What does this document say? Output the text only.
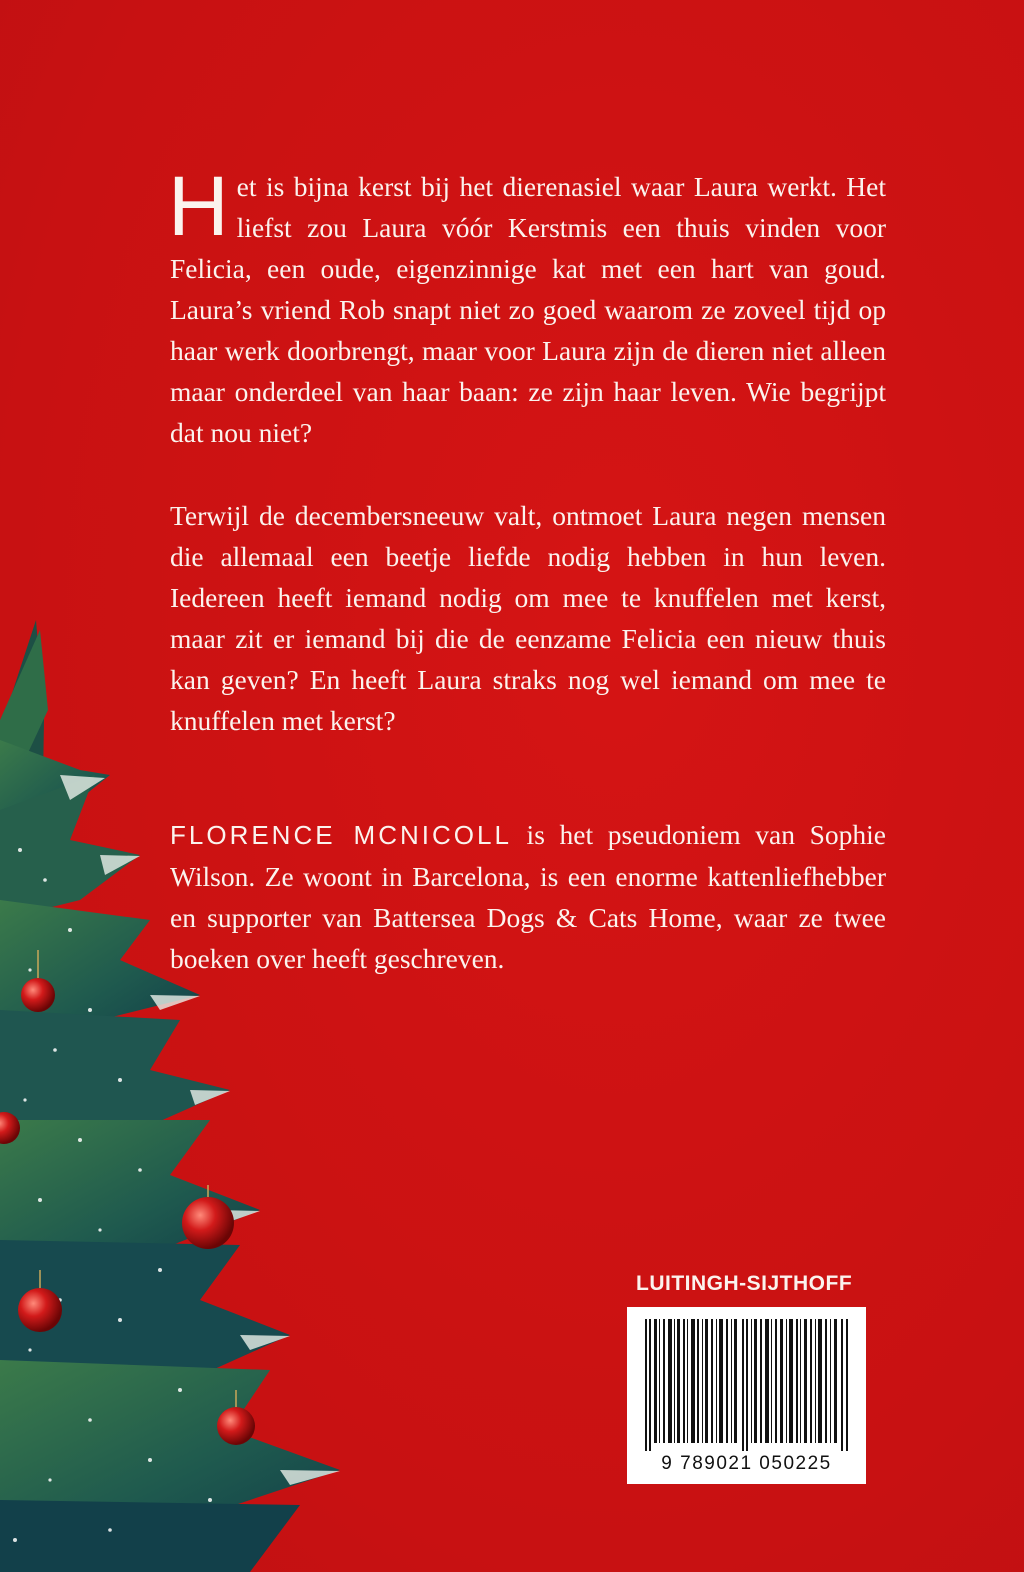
Het is bijna kerst bij het dierenasiel waar Laura werkt. Het liefst zou Laura vóór Kerstmis een thuis vinden voor Felicia, een oude, eigenzinnige kat met een hart van goud. Laura’s vriend Rob snapt niet zo goed waarom ze zoveel tijd op haar werk doorbrengt, maar voor Laura zijn de dieren niet alleen maar onderdeel van haar baan: ze zijn haar leven. Wie begrijpt dat nou niet?

Terwijl de decembersneeuw valt, ontmoet Laura negen mensen die allemaal een beetje liefde nodig hebben in hun leven. Iedereen heeft iemand nodig om mee te knuffelen met kerst, maar zit er iemand bij die de eenzame Felicia een nieuw thuis kan geven? En heeft Laura straks nog wel iemand om mee te knuffelen met kerst?

FLORENCE MCNICOLL is het pseudoniem van Sophie Wilson. Ze woont in Barcelona, is een enorme kattenliefhebber en supporter van Battersea Dogs & Cats Home, waar ze twee boeken over heeft geschreven.

LUITINGH-SIJTHOFF
9 789021 050225
